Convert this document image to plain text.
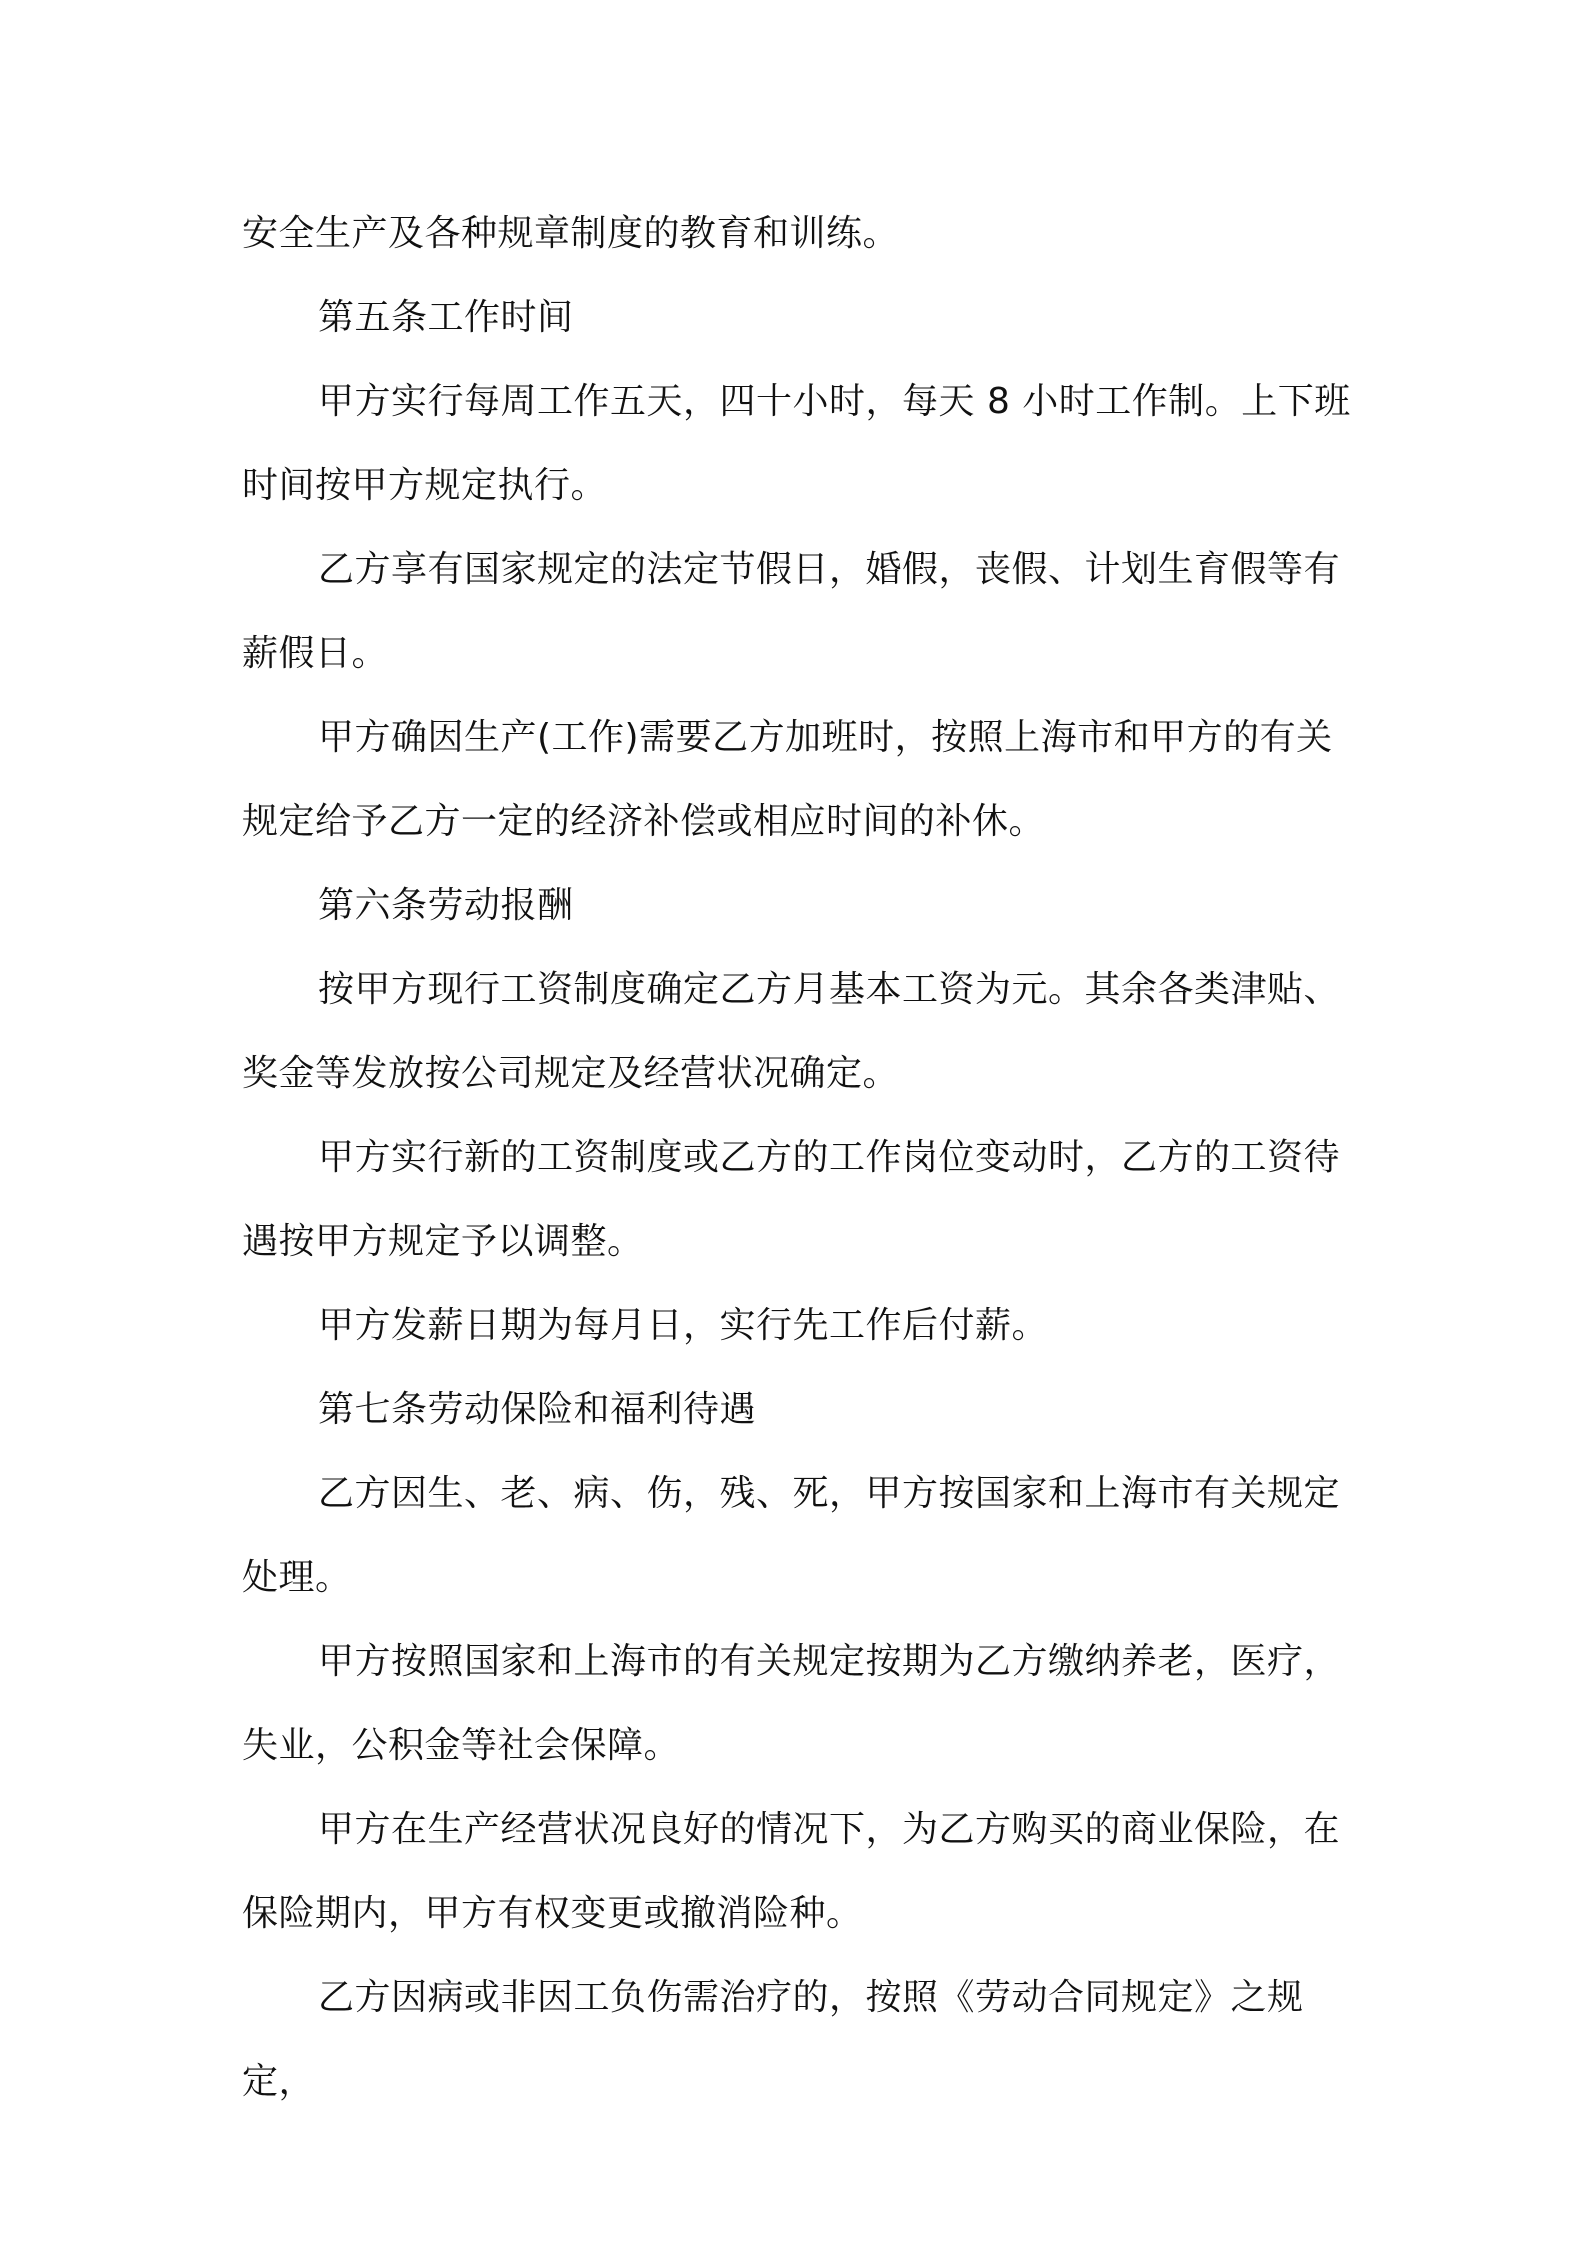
安全生产及各种规章制度的教育和训练。

第五条工作时间

甲方实行每周工作五天，四十小时，每天 8 小时工作制。上下班时间按甲方规定执行。

乙方享有国家规定的法定节假日，婚假，丧假、计划生育假等有薪假日。

甲方确因生产(工作)需要乙方加班时，按照上海市和甲方的有关规定给予乙方一定的经济补偿或相应时间的补休。

第六条劳动报酬

按甲方现行工资制度确定乙方月基本工资为元。其余各类津贴、奖金等发放按公司规定及经营状况确定。

甲方实行新的工资制度或乙方的工作岗位变动时，乙方的工资待遇按甲方规定予以调整。

甲方发薪日期为每月日，实行先工作后付薪。

第七条劳动保险和福利待遇

乙方因生、老、病、伤，残、死，甲方按国家和上海市有关规定处理。

甲方按照国家和上海市的有关规定按期为乙方缴纳养老，医疗，失业，公积金等社会保障。

甲方在生产经营状况良好的情况下，为乙方购买的商业保险，在保险期内，甲方有权变更或撤消险种。

乙方因病或非因工负伤需治疗的，按照《劳动合同规定》之规定，
